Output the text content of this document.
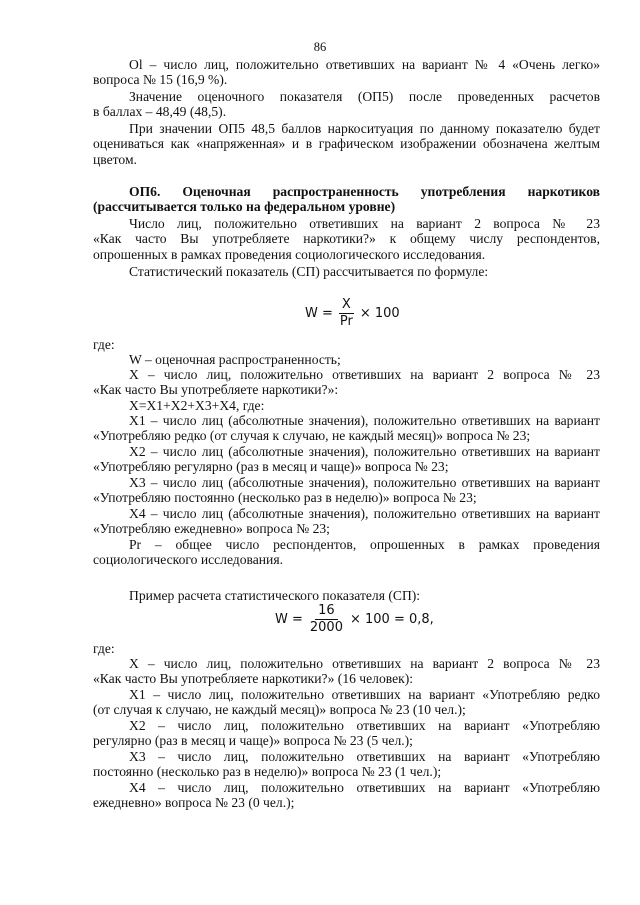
86
Ol – число лиц, положительно ответивших на вариант № 4 «Очень легко»
вопроса № 15 (16,9 %).
Значение оценочного показателя (ОП5) после проведенных расчетов
в баллах – 48,49 (48,5).
При значении ОП5 48,5 баллов наркоситуация по данному показателю будет
оцениваться как «напряженная» и в графическом изображении обозначена желтым
цветом.
ОП6. Оценочная распространенность употребления наркотиков
(рассчитывается только на федеральном уровне)
Число лиц, положительно ответивших на вариант 2 вопроса № 23
«Как часто Вы употребляете наркотики?» к общему числу респондентов,
опрошенных в рамках проведения социологического исследования.
Статистический показатель (СП) рассчитывается по формуле:
$W = \frac{X}{Pr} \times 100$
где:
W – оценочная распространенность;
X – число лиц, положительно ответивших на вариант 2 вопроса № 23
«Как часто Вы употребляете наркотики?»:
X=X1+X2+X3+X4, где:
X1 – число лиц (абсолютные значения), положительно ответивших на вариант
«Употребляю редко (от случая к случаю, не каждый месяц)» вопроса № 23;
X2 – число лиц (абсолютные значения), положительно ответивших на вариант
«Употребляю регулярно (раз в месяц и чаще)» вопроса № 23;
X3 – число лиц (абсолютные значения), положительно ответивших на вариант
«Употребляю постоянно (несколько раз в неделю)» вопроса № 23;
X4 – число лиц (абсолютные значения), положительно ответивших на вариант
«Употребляю ежедневно» вопроса № 23;
Pr – общее число респондентов, опрошенных в рамках проведения
социологического исследования.
Пример расчета статистического показателя (СП):
$W = \frac{16}{2000} \times 100 = 0,8$,
где:
X – число лиц, положительно ответивших на вариант 2 вопроса № 23
«Как часто Вы употребляете наркотики?» (16 человек):
X1 – число лиц, положительно ответивших на вариант «Употребляю редко
(от случая к случаю, не каждый месяц)» вопроса № 23 (10 чел.);
X2 – число лиц, положительно ответивших на вариант «Употребляю
регулярно (раз в месяц и чаще)» вопроса № 23 (5 чел.);
X3 – число лиц, положительно ответивших на вариант «Употребляю
постоянно (несколько раз в неделю)» вопроса № 23 (1 чел.);
X4 – число лиц, положительно ответивших на вариант «Употребляю
ежедневно» вопроса № 23 (0 чел.);
